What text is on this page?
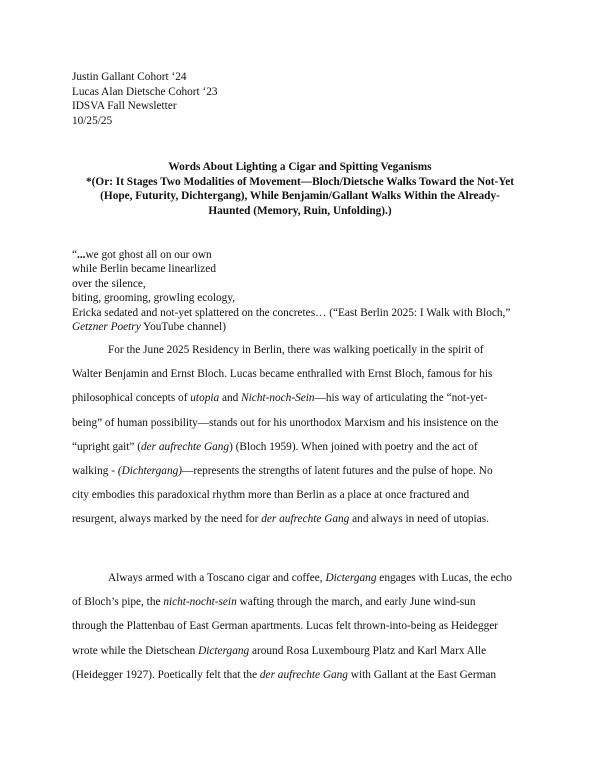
Justin Gallant Cohort ‘24
Lucas Alan Dietsche Cohort ‘23
IDSVA Fall Newsletter
10/25/25
Words About Lighting a Cigar and Spitting Veganisms
*(Or: It Stages Two Modalities of Movement—Bloch/Dietsche Walks Toward the Not-Yet
(Hope, Futurity, Dichtergang), While Benjamin/Gallant Walks Within the Already-
Haunted (Memory, Ruin, Unfolding).)
“...we got ghost all on our own
while Berlin became linearlized
over the silence,
biting, grooming, growling ecology,
Ericka sedated and not-yet splattered on the concretes… (“East Berlin 2025: I Walk with Bloch,”
Getzner Poetry YouTube channel)
For the June 2025 Residency in Berlin, there was walking poetically in the spirit of
Walter Benjamin and Ernst Bloch. Lucas became enthralled with Ernst Bloch, famous for his
philosophical concepts of utopia and Nicht-noch-Sein—his way of articulating the “not-yet-
being” of human possibility—stands out for his unorthodox Marxism and his insistence on the
“upright gait” (der aufrechte Gang) (Bloch 1959). When joined with poetry and the act of
walking - (Dichtergang)—represents the strengths of latent futures and the pulse of hope. No
city embodies this paradoxical rhythm more than Berlin as a place at once fractured and
resurgent, always marked by the need for der aufrechte Gang and always in need of utopias.
Always armed with a Toscano cigar and coffee, Dictergang engages with Lucas, the echo
of Bloch’s pipe, the nicht-nocht-sein wafting through the march, and early June wind-sun
through the Plattenbau of East German apartments. Lucas felt thrown-into-being as Heidegger
wrote while the Dietschean Dictergang around Rosa Luxembourg Platz and Karl Marx Alle
(Heidegger 1927). Poetically felt that the der aufrechte Gang with Gallant at the East German
